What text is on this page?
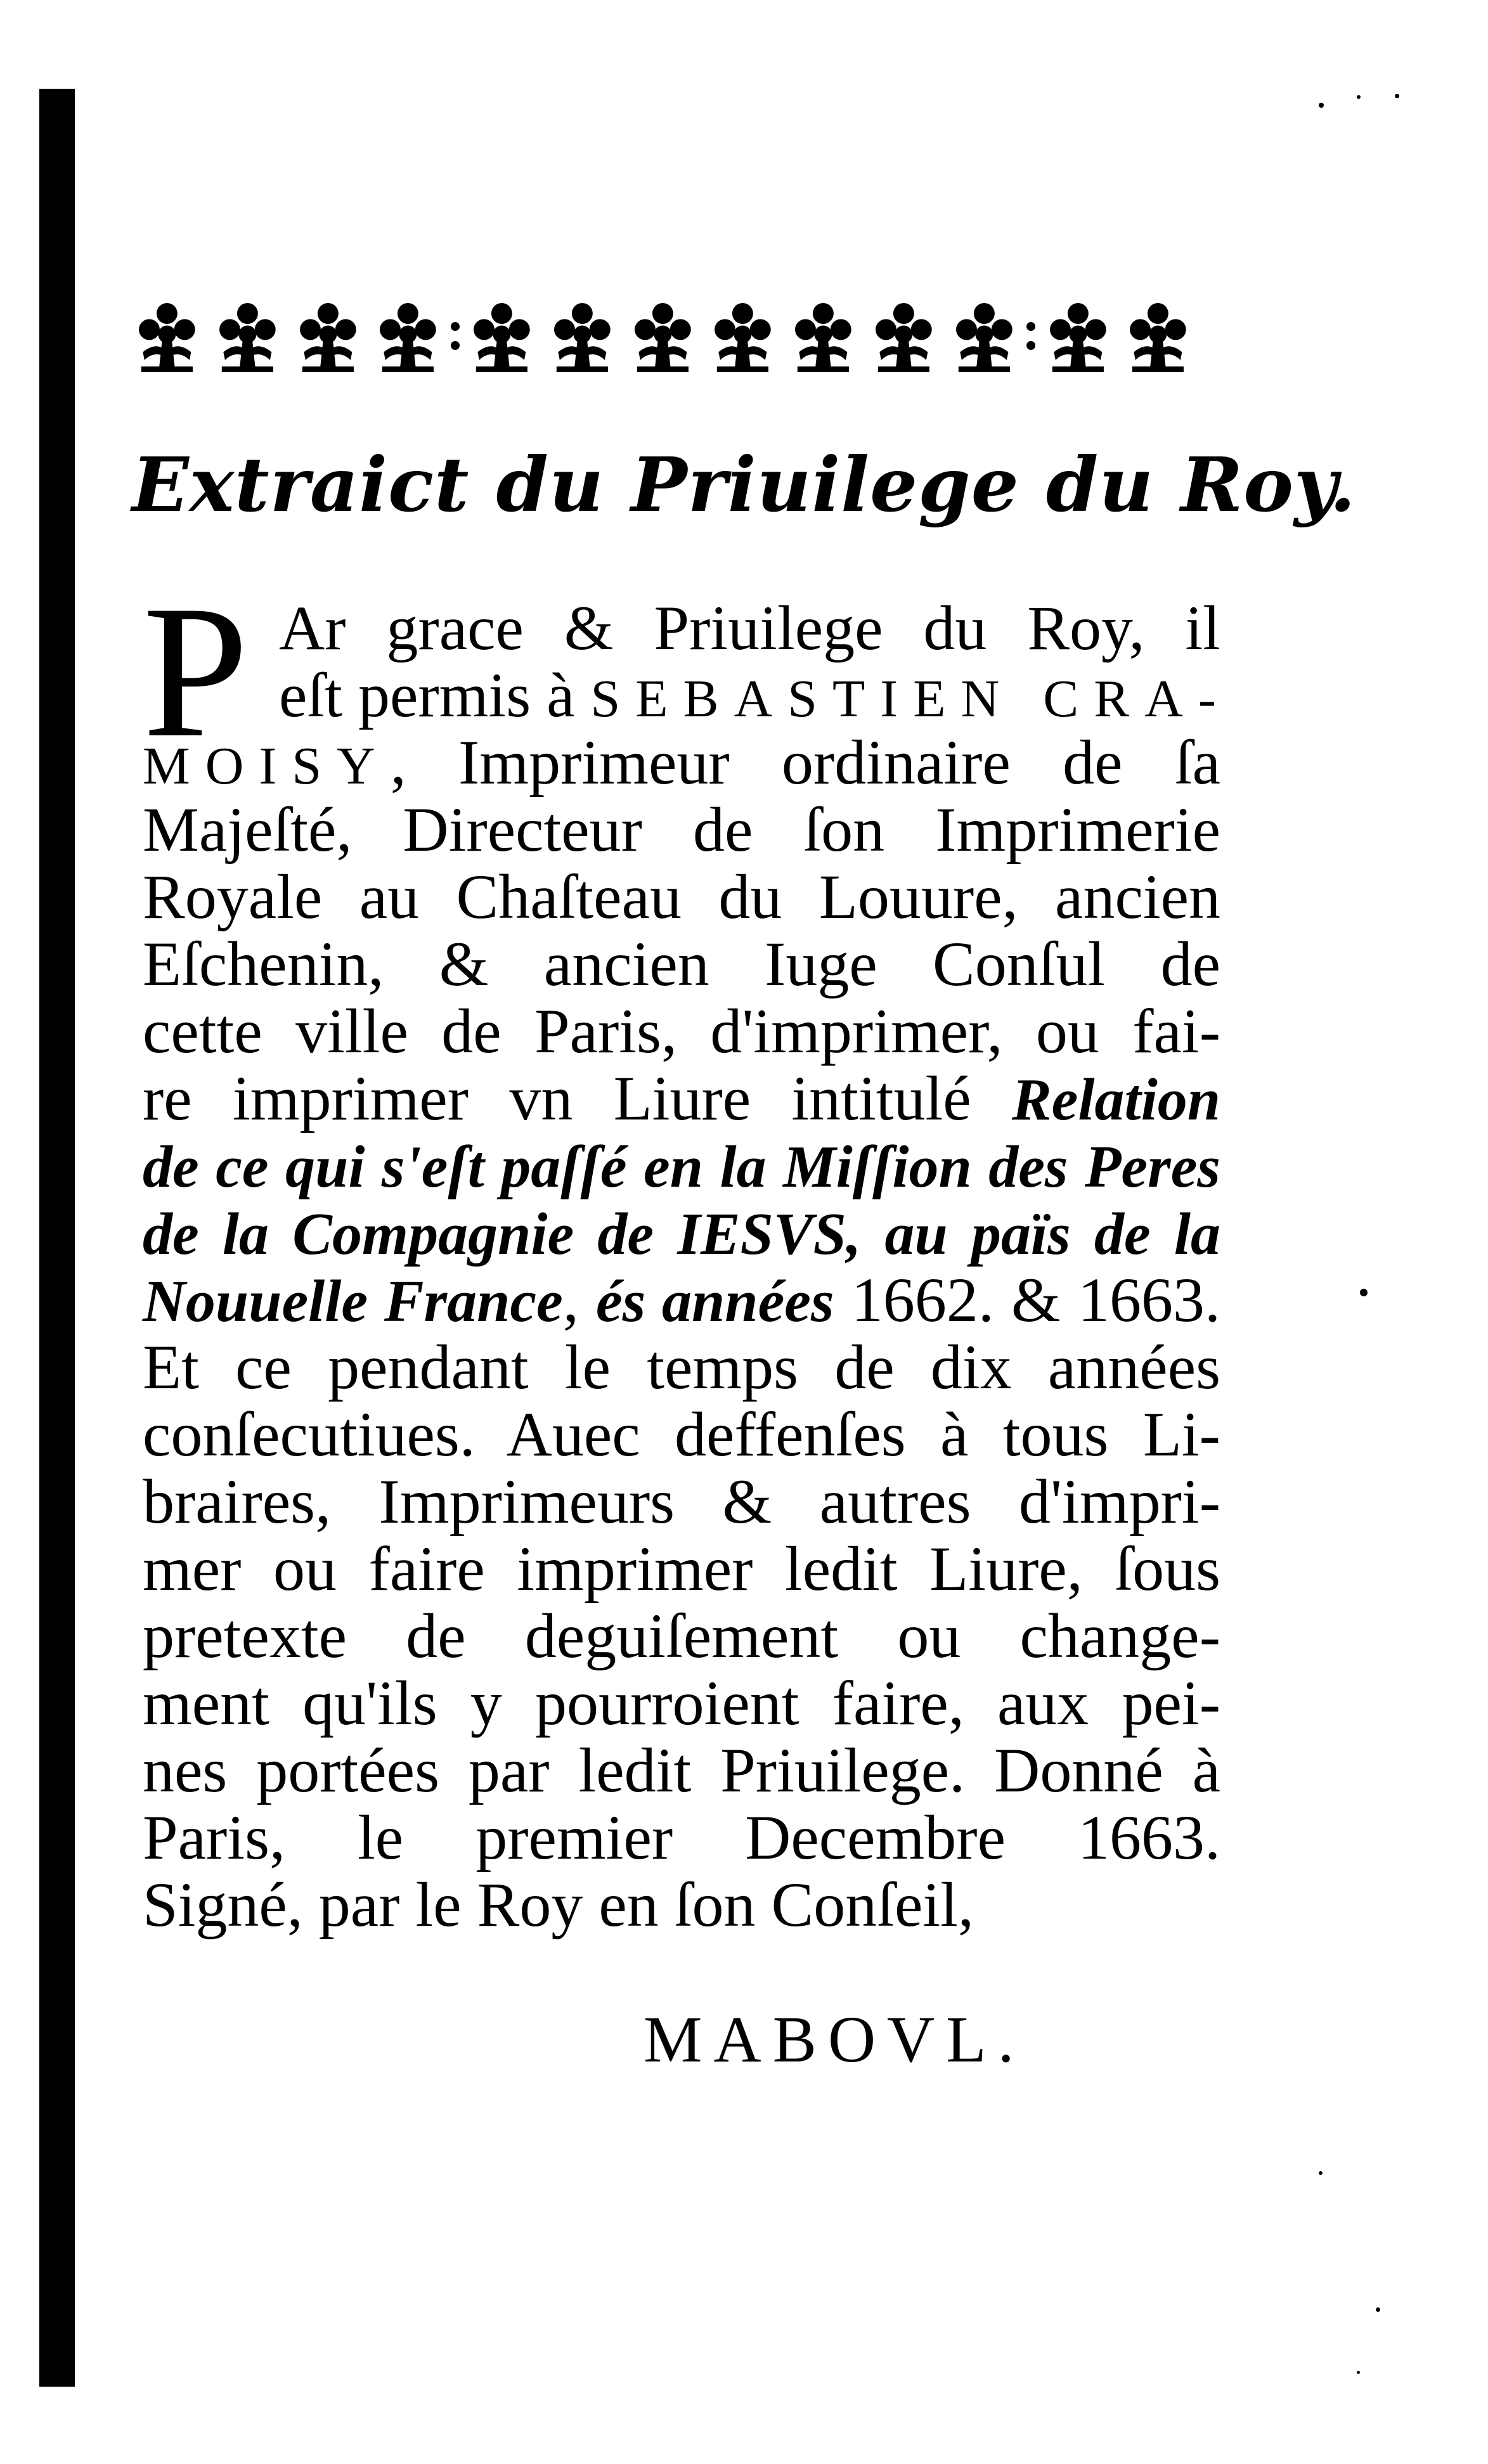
Extraict du Priuilege du Roy.
P Ar grace & Priuilege du Roy, il
eſt permis à SEBASTIEN CRA-
MOISY, Imprimeur ordinaire de ſa
Majeſté, Directeur de ſon Imprimerie
Royale au Chaſteau du Louure, ancien
Eſchenin, & ancien Iuge Conſul de
cette ville de Paris, d'imprimer, ou fai-
re imprimer vn Liure intitulé Relation
de ce qui s'eſt paſſé en la Miſſion des Peres
de la Compagnie de IESVS, au païs de la
Nouuelle France, és années 1662. & 1663.
Et ce pendant le temps de dix années
conſecutiues. Auec deffenſes à tous Li-
braires, Imprimeurs & autres d'impri-
mer ou faire imprimer ledit Liure, ſous
pretexte de deguiſement ou change-
ment qu'ils y pourroient faire, aux pei-
nes portées par ledit Priuilege. Donné à
Paris, le premier Decembre 1663.
Signé, par le Roy en ſon Conſeil,
MABOVL.
